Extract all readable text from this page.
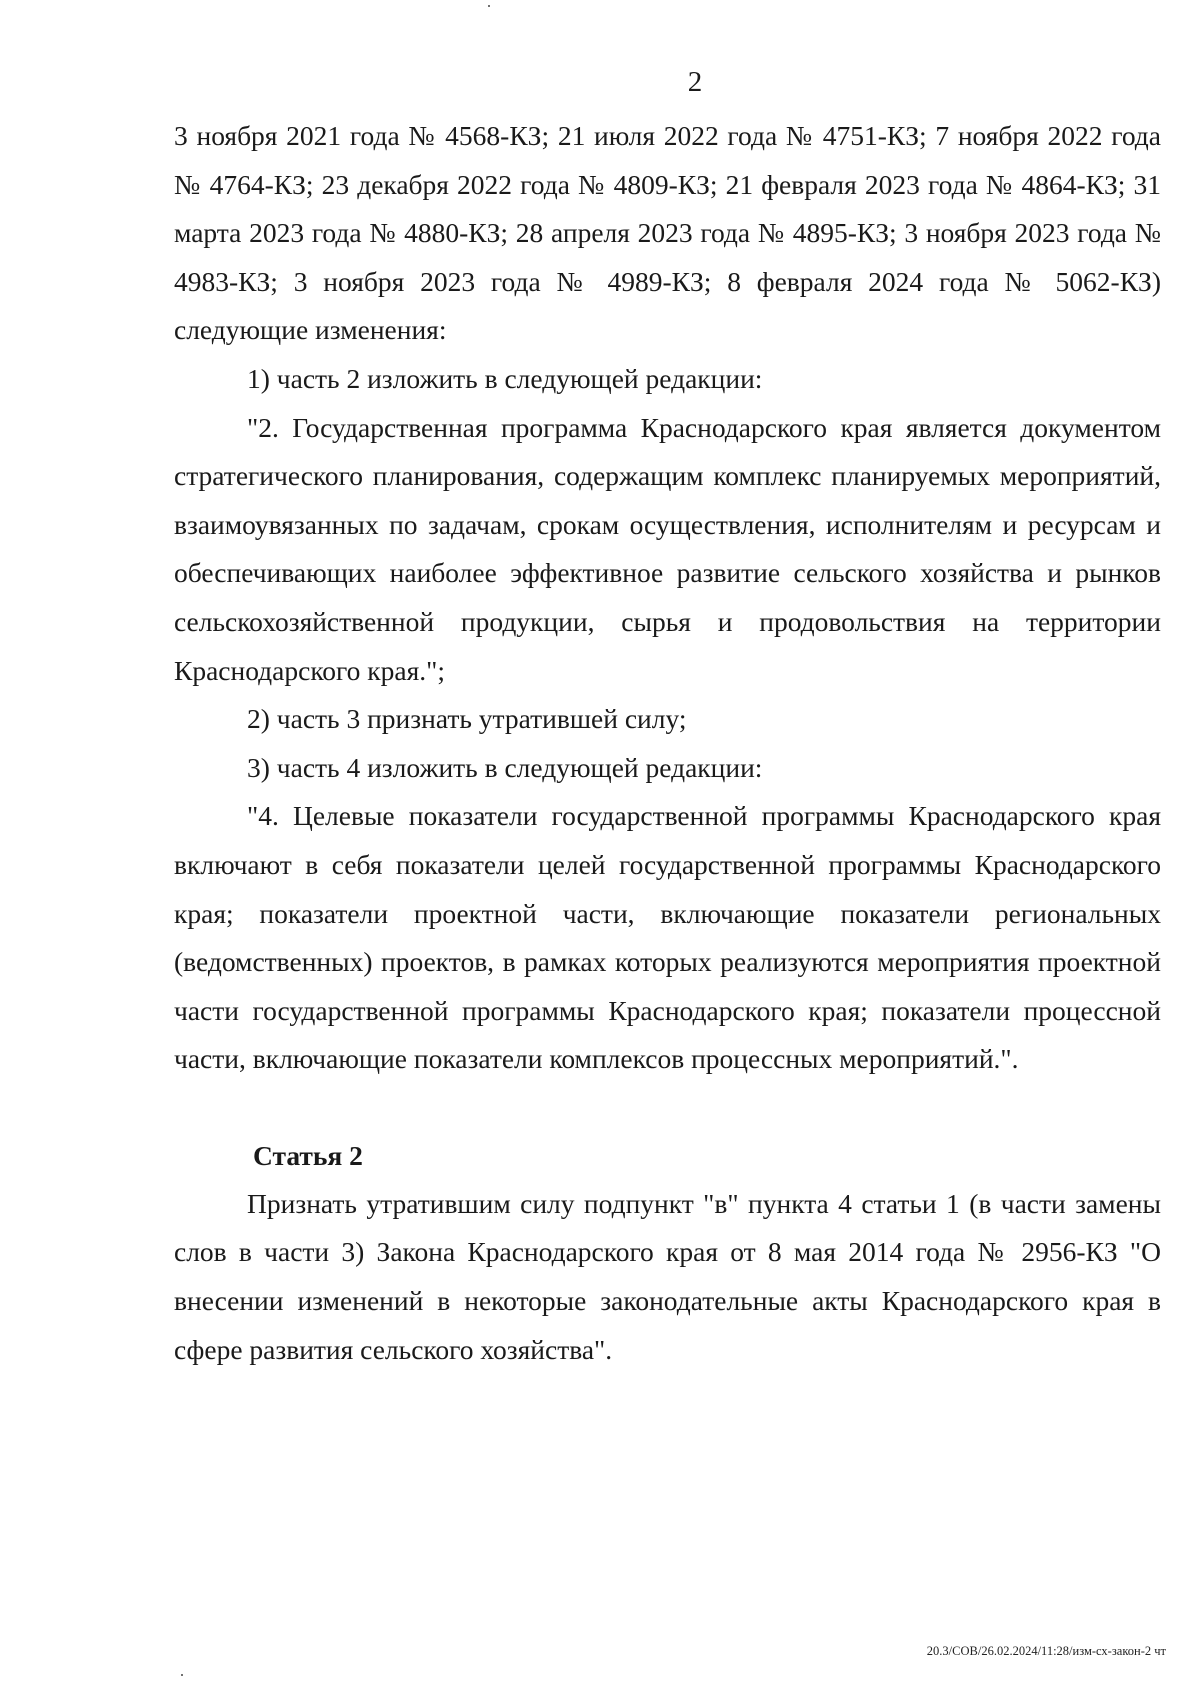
2

3 ноября 2021 года № 4568-КЗ; 21 июля 2022 года № 4751-КЗ; 7 ноября 2022 года № 4764-КЗ; 23 декабря 2022 года № 4809-КЗ; 21 февраля 2023 года № 4864-КЗ; 31 марта 2023 года № 4880-КЗ; 28 апреля 2023 года № 4895-КЗ; 3 ноября 2023 года № 4983-КЗ; 3 ноября 2023 года № 4989-КЗ; 8 февраля 2024 года № 5062-КЗ) следующие изменения:

1) часть 2 изложить в следующей редакции:

"2. Государственная программа Краснодарского края является документом стратегического планирования, содержащим комплекс планируемых мероприятий, взаимоувязанных по задачам, срокам осуществления, исполнителям и ресурсам и обеспечивающих наиболее эффективное развитие сельского хозяйства и рынков сельскохозяйственной продукции, сырья и продовольствия на территории Краснодарского края.";

2) часть 3 признать утратившей силу;

3) часть 4 изложить в следующей редакции:

"4. Целевые показатели государственной программы Краснодарского края включают в себя показатели целей государственной программы Краснодарского края; показатели проектной части, включающие показатели региональных (ведомственных) проектов, в рамках которых реализуются мероприятия проектной части государственной программы Краснодарского края; показатели процессной части, включающие показатели комплексов процессных мероприятий.".

Статья 2

Признать утратившим силу подпункт "в" пункта 4 статьи 1 (в части замены слов в части 3) Закона Краснодарского края от 8 мая 2014 года № 2956-КЗ "О внесении изменений в некоторые законодательные акты Краснодарского края в сфере развития сельского хозяйства".

20.3/СОВ/26.02.2024/11:28/изм-сх-закон-2 чт
